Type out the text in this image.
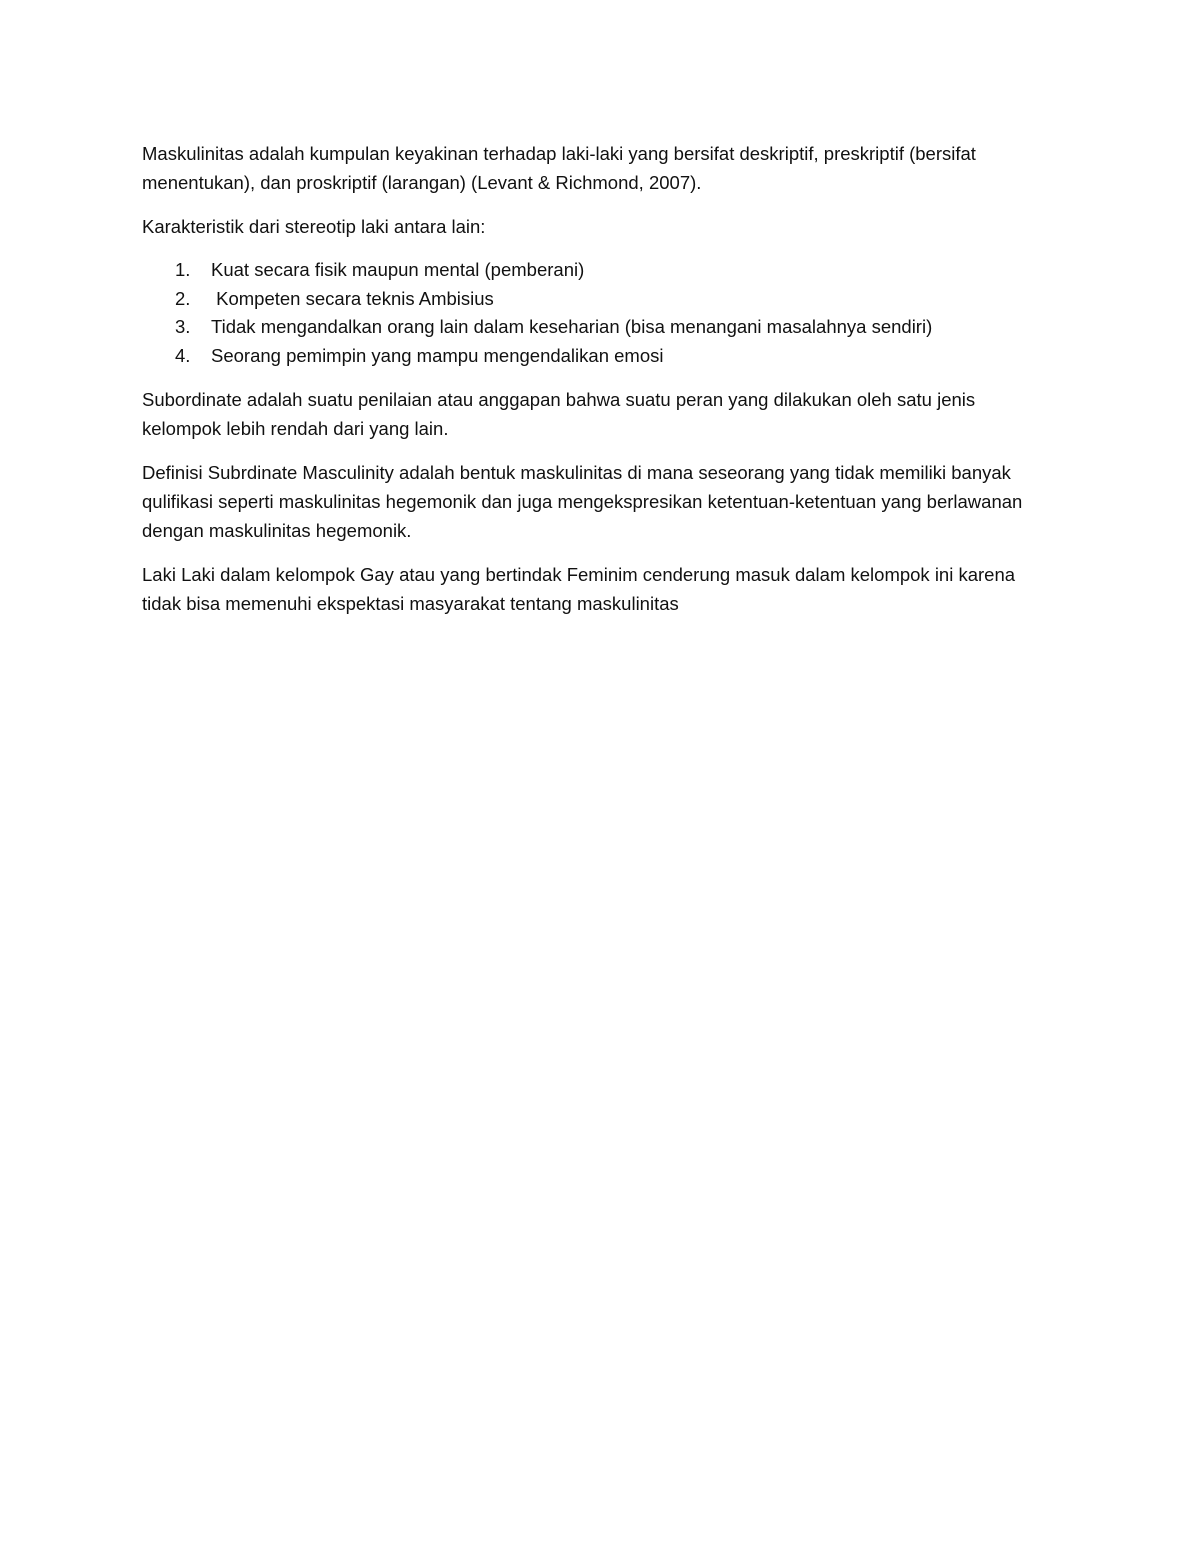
Maskulinitas adalah kumpulan keyakinan terhadap laki-laki yang bersifat deskriptif, preskriptif (bersifat menentukan), dan proskriptif (larangan) (Levant & Richmond, 2007).

Karakteristik dari stereotip laki antara lain:

1. Kuat secara fisik maupun mental (pemberani)
2. Kompeten secara teknis Ambisius
3. Tidak mengandalkan orang lain dalam keseharian (bisa menangani masalahnya sendiri)
4. Seorang pemimpin yang mampu mengendalikan emosi

Subordinate adalah suatu penilaian atau anggapan bahwa suatu peran yang dilakukan oleh satu jenis kelompok lebih rendah dari yang lain.

Definisi Subrdinate Masculinity adalah bentuk maskulinitas di mana seseorang yang tidak memiliki banyak qulifikasi seperti maskulinitas hegemonik dan juga mengekspresikan ketentuan-ketentuan yang berlawanan dengan maskulinitas hegemonik.

Laki Laki dalam kelompok Gay atau yang bertindak Feminim cenderung masuk dalam kelompok ini karena tidak bisa memenuhi ekspektasi masyarakat tentang maskulinitas
